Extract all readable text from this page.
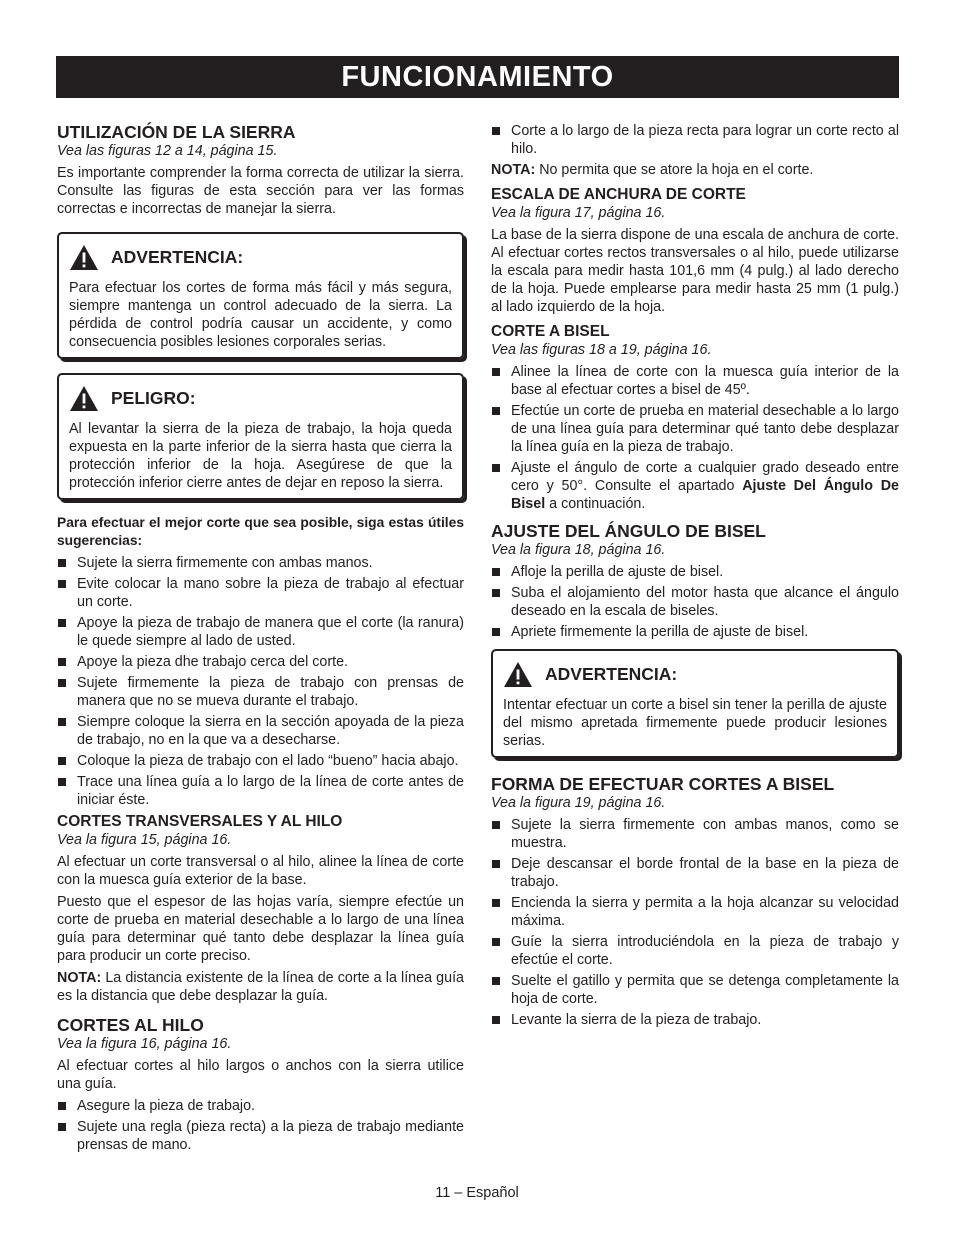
FUNCIONAMIENTO
UTILIZACIÓN DE LA SIERRA

Vea las figuras 12 a 14, página 15.

Es importante comprender la forma correcta de utilizar la sierra. Consulte las figuras de esta sección para ver las formas correctas e incorrectas de manejar la sierra.

ADVERTENCIA:

Para efectuar los cortes de forma más fácil y más segura, siempre mantenga un control adecuado de la sierra. La pérdida de control podría causar un accidente, y como consecuencia posibles lesiones corporales serias.

PELIGRO:

Al levantar la sierra de la pieza de trabajo, la hoja queda expuesta en la parte inferior de la sierra hasta que cierra la protección inferior de la hoja. Asegúrese de que la protección inferior cierre antes de dejar en reposo la sierra.

Para efectuar el mejor corte que sea posible, siga estas útiles sugerencias:

Sujete la sierra firmemente con ambas manos.
Evite colocar la mano sobre la pieza de trabajo al efectuar un corte.
Apoye la pieza de trabajo de manera que el corte (la ranura) le quede siempre al lado de usted.
Apoye la pieza dhe trabajo cerca del corte.
Sujete firmemente la pieza de trabajo con prensas de manera que no se mueva durante el trabajo.
Siempre coloque la sierra en la sección apoyada de la pieza de trabajo, no en la que va a desecharse.
Coloque la pieza de trabajo con el lado “bueno” hacia abajo.
Trace una línea guía a lo largo de la línea de corte antes de iniciar éste.
CORTES TRANSVERSALES Y AL HILO

Vea la figura 15, página 16.

Al efectuar un corte transversal o al hilo, alinee la línea de corte con la muesca guía exterior de la base.

Puesto que el espesor de las hojas varía, siempre efectúe un corte de prueba en material desechable a lo largo de una línea guía para determinar qué tanto debe desplazar la línea guía para producir un corte preciso.

NOTA: La distancia existente de la línea de corte a la línea guía es la distancia que debe desplazar la guía.

CORTES AL HILO

Vea la figura 16, página 16.

Al efectuar cortes al hilo largos o anchos con la sierra utilice una guía.

Asegure la pieza de trabajo.
Sujete una regla (pieza recta) a la pieza de trabajo mediante prensas de mano.
Corte a lo largo de la pieza recta para lograr un corte recto al hilo.

NOTA: No permita que se atore la hoja en el corte.

ESCALA DE ANCHURA DE CORTE

Vea la figura 17, página 16.

La base de la sierra dispone de una escala de anchura de corte. Al efectuar cortes rectos transversales o al hilo, puede utilizarse la escala para medir hasta 101,6 mm (4 pulg.) al lado derecho de la hoja. Puede emplearse para medir hasta 25 mm (1 pulg.) al lado izquierdo de la hoja.

CORTE A BISEL

Vea las figuras 18 a 19, página 16.

Alinee la línea de corte con la muesca guía interior de la base al efectuar cortes a bisel de 45º.
Efectúe un corte de prueba en material desechable a lo largo de una línea guía para determinar qué tanto debe desplazar la línea guía en la pieza de trabajo.
Ajuste el ángulo de corte a cualquier grado deseado entre cero y 50°. Consulte el apartado Ajuste Del Ángulo De Bisel a continuación.
AJUSTE DEL ÁNGULO DE BISEL

Vea la figura 18, página 16.

Afloje la perilla de ajuste de bisel.
Suba el alojamiento del motor hasta que alcance el ángulo deseado en la escala de biseles.
Apriete firmemente la perilla de ajuste de bisel.
ADVERTENCIA:

Intentar efectuar un corte a bisel sin tener la perilla de ajuste del mismo apretada firmemente puede producir lesiones serias.

FORMA DE EFECTUAR CORTES A BISEL

Vea la figura 19, página 16.

Sujete la sierra firmemente con ambas manos, como se muestra.
Deje descansar el borde frontal de la base en la pieza de trabajo.
Encienda la sierra y permita a la hoja alcanzar su velocidad máxima.
Guíe la sierra introduciéndola en la pieza de trabajo y efectúe el corte.
Suelte el gatillo y permita que se detenga completamente la hoja de corte.
Levante la sierra de la pieza de trabajo.
11 – Español
